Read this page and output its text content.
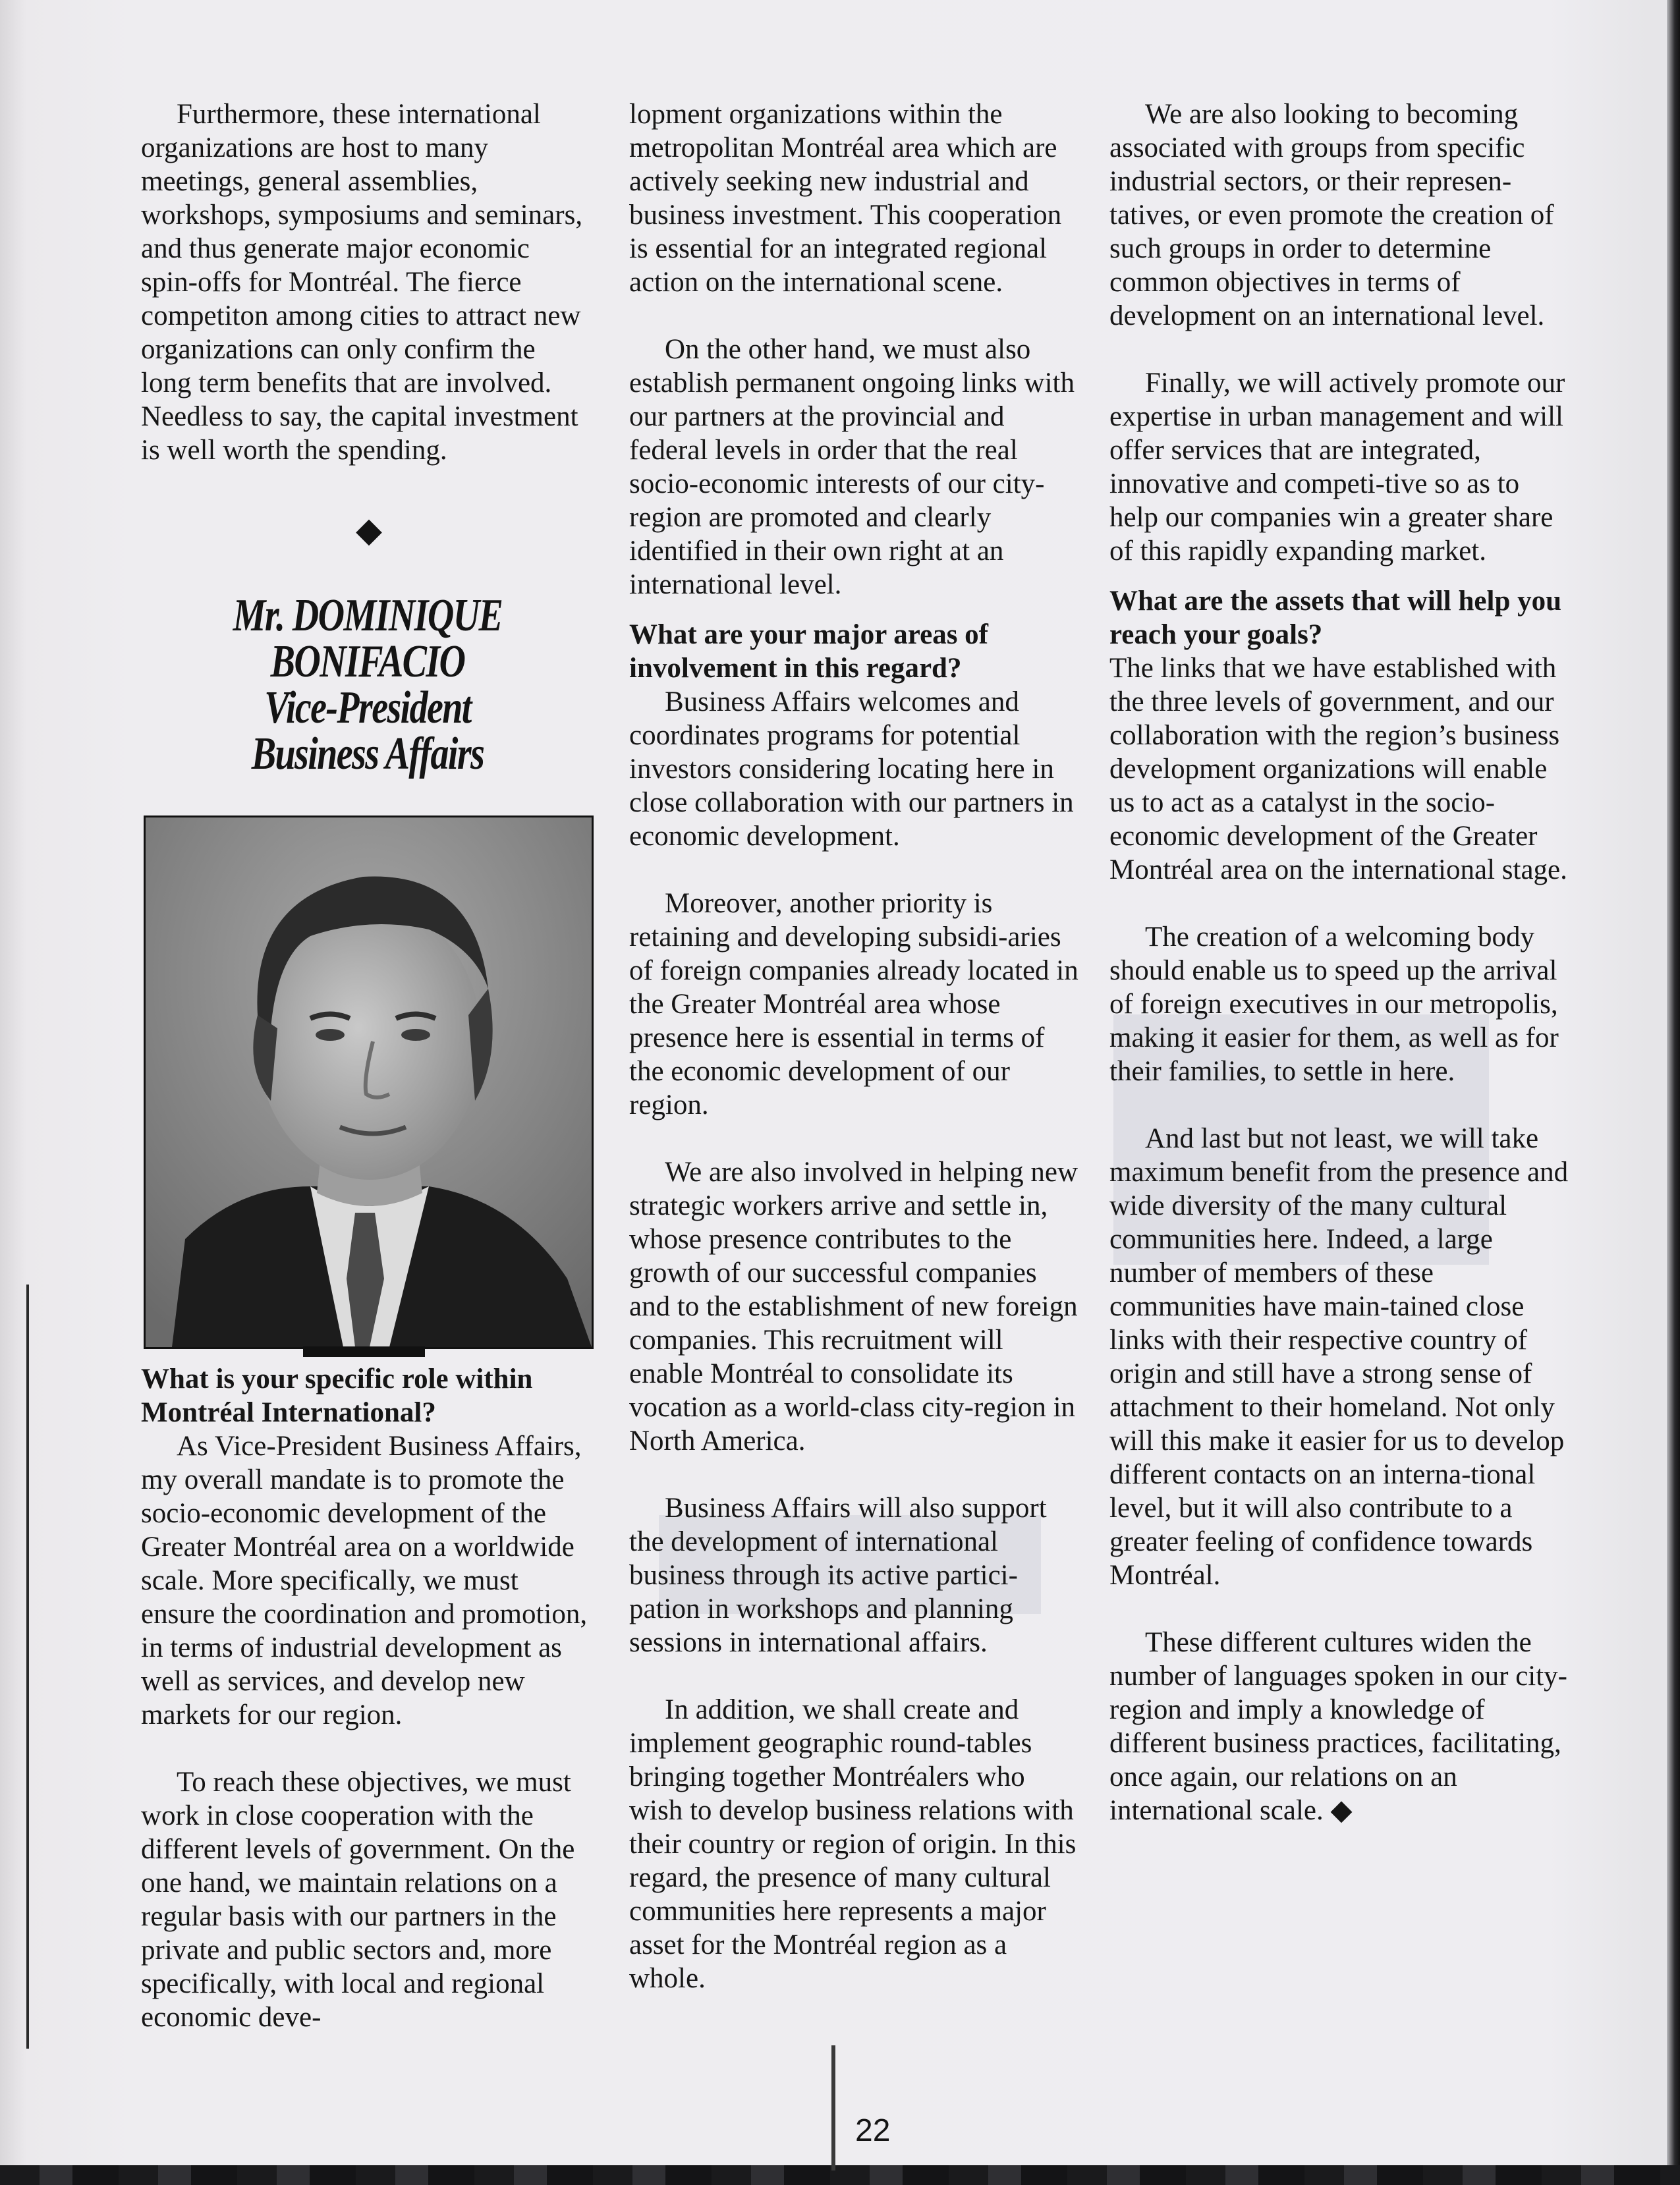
Furthermore, these international organizations are host to many meetings, general assemblies, workshops, symposiums and seminars, and thus generate major economic spin-offs for Montréal. The fierce competiton among cities to attract new organizations can only confirm the long term benefits that are involved. Needless to say, the capital investment is well worth the spending.

◆
Mr. DOMINIQUE
BONIFACIO
Vice-President
Business Affairs

What is your specific role within Montréal International?

As Vice-President Business Affairs, my overall mandate is to promote the socio-economic development of the Greater Montréal area on a worldwide scale. More specifically, we must ensure the coordination and promotion, in terms of industrial development as well as services, and develop new markets for our region.

To reach these objectives, we must work in close cooperation with the different levels of government. On the one hand, we maintain relations on a regular basis with our partners in the private and public sectors and, more specifically, with local and regional economic deve-

lopment organizations within the metropolitan Montréal area which are actively seeking new industrial and business investment. This cooperation is essential for an integrated regional action on the international scene.

On the other hand, we must also establish permanent ongoing links with our partners at the provincial and federal levels in order that the real socio-economic interests of our city-region are promoted and clearly identified in their own right at an international level.

What are your major areas of involvement in this regard?

Business Affairs welcomes and coordinates programs for potential investors considering locating here in close collaboration with our partners in economic development.

Moreover, another priority is retaining and developing subsidi-aries of foreign companies already located in the Greater Montréal area whose presence here is essential in terms of the economic development of our region.

We are also involved in helping new strategic workers arrive and settle in, whose presence contributes to the growth of our successful companies and to the establishment of new foreign companies. This recruitment will enable Montréal to consolidate its vocation as a world-class city-region in North America.

Business Affairs will also support the development of international business through its active partici-pation in workshops and planning sessions in international affairs.

In addition, we shall create and implement geographic round-tables bringing together Montréalers who wish to develop business relations with their country or region of origin. In this regard, the presence of many cultural communities here represents a major asset for the Montréal region as a whole.

We are also looking to becoming associated with groups from specific industrial sectors, or their represen-tatives, or even promote the creation of such groups in order to determine common objectives in terms of development on an international level.

Finally, we will actively promote our expertise in urban management and will offer services that are integrated, innovative and competi-tive so as to help our companies win a greater share of this rapidly expanding market.

What are the assets that will help you reach your goals?

The links that we have established with the three levels of government, and our collaboration with the region’s business development organizations will enable us to act as a catalyst in the socio-economic development of the Greater Montréal area on the international stage.

The creation of a welcoming body should enable us to speed up the arrival of foreign executives in our metropolis, making it easier for them, as well as for their families, to settle in here.

And last but not least, we will take maximum benefit from the presence and wide diversity of the many cultural communities here. Indeed, a large number of members of these communities have main-tained close links with their respective country of origin and still have a strong sense of attachment to their homeland. Not only will this make it easier for us to develop different contacts on an interna-tional level, but it will also contribute to a greater feeling of confidence towards Montréal.

These different cultures widen the number of languages spoken in our city-region and imply a knowledge of different business practices, facilitating, once again, our relations on an international scale. ◆

22
